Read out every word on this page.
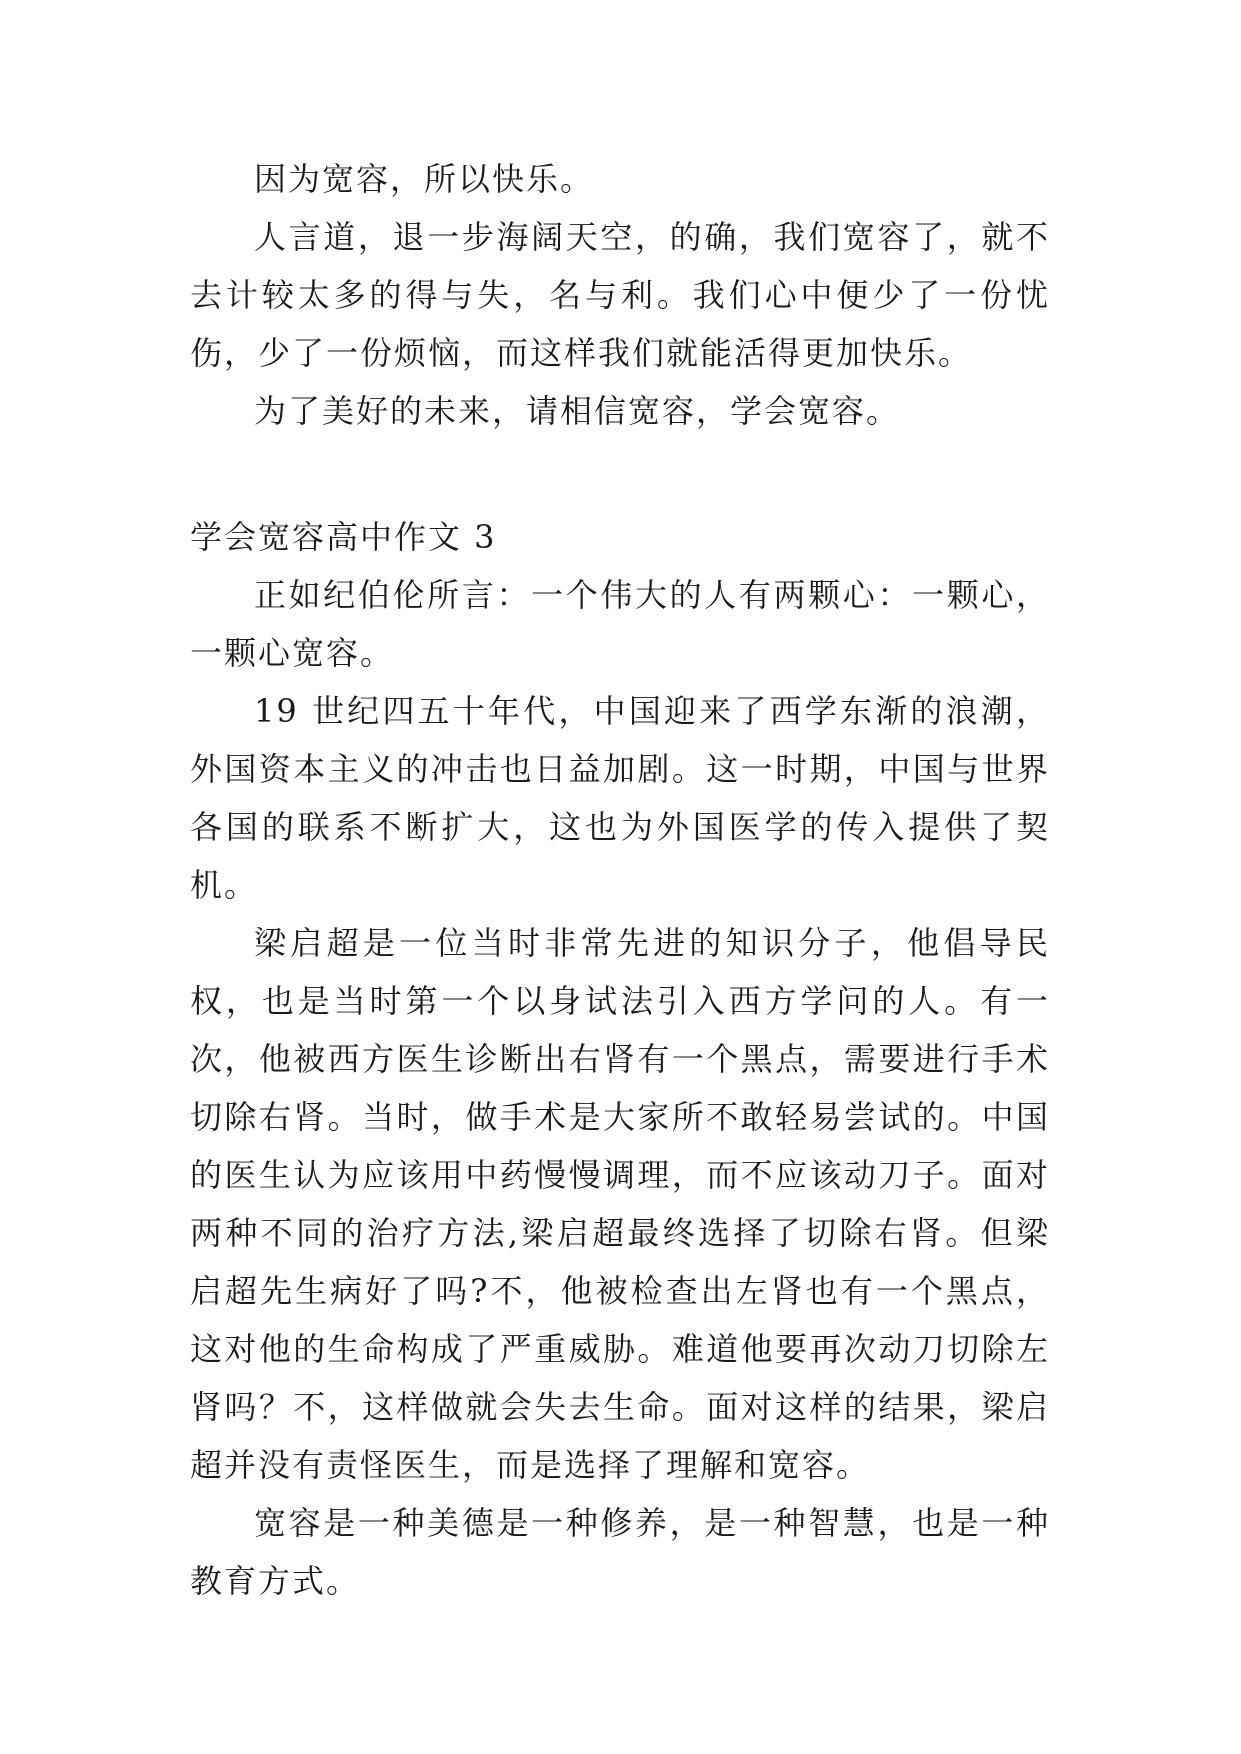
因为宽容，所以快乐。

人言道，退一步海阔天空，的确，我们宽容了，就不去计较太多的得与失，名与利。我们心中便少了一份忧伤，少了一份烦恼，而这样我们就能活得更加快乐。

为了美好的未来，请相信宽容，学会宽容。

学会宽容高中作文 3

正如纪伯伦所言：一个伟大的人有两颗心：一颗心，一颗心宽容。

19 世纪四五十年代，中国迎来了西学东渐的浪潮，外国资本主义的冲击也日益加剧。这一时期，中国与世界各国的联系不断扩大，这也为外国医学的传入提供了契机。

梁启超是一位当时非常先进的知识分子，他倡导民权，也是当时第一个以身试法引入西方学问的人。有一次，他被西方医生诊断出右肾有一个黑点，需要进行手术切除右肾。当时，做手术是大家所不敢轻易尝试的。中国的医生认为应该用中药慢慢调理，而不应该动刀子。面对两种不同的治疗方法,梁启超最终选择了切除右肾。但梁启超先生病好了吗?不，他被检查出左肾也有一个黑点，这对他的生命构成了严重威胁。难道他要再次动刀切除左肾吗？不，这样做就会失去生命。面对这样的结果，梁启超并没有责怪医生，而是选择了理解和宽容。

宽容是一种美德是一种修养，是一种智慧，也是一种教育方式。
